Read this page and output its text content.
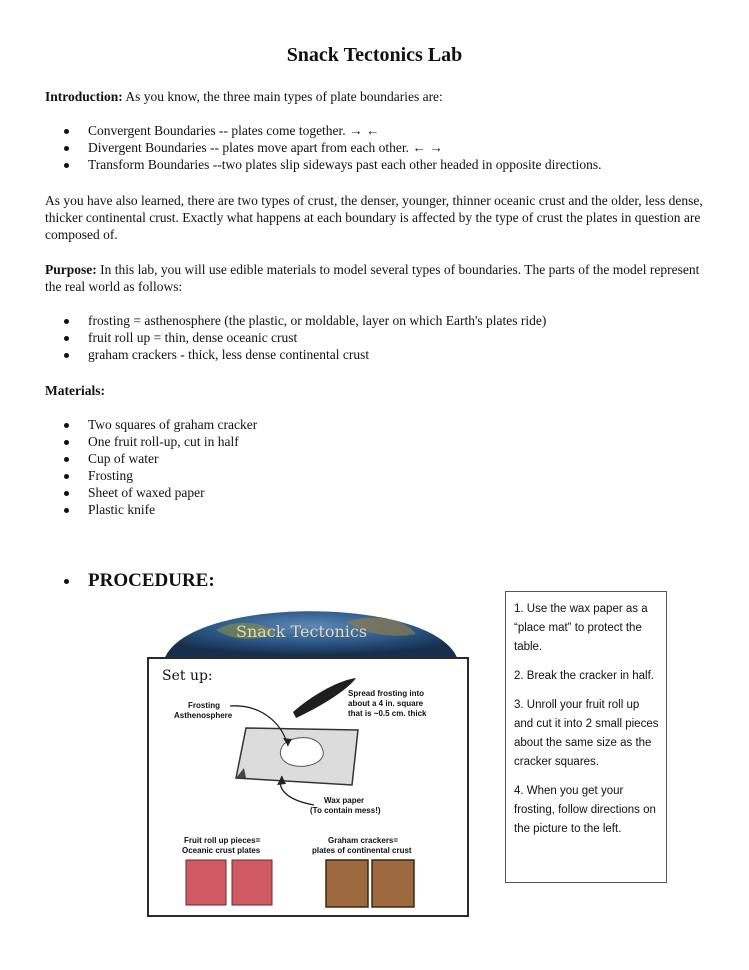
Snack Tectonics Lab

Introduction: As you know, the three main types of plate boundaries are:

Convergent Boundaries -- plates come together. → ←
Divergent Boundaries -- plates move apart from each other. ← →
Transform Boundaries --two plates slip sideways past each other headed in opposite directions.

As you have also learned, there are two types of crust, the denser, younger, thinner oceanic crust and the older, less dense, thicker continental crust. Exactly what happens at each boundary is affected by the type of crust the plates in question are composed of.

Purpose: In this lab, you will use edible materials to model several types of boundaries. The parts of the model represent the real world as follows:

frosting = asthenosphere (the plastic, or moldable, layer on which Earth's plates ride)
fruit roll up = thin, dense oceanic crust
graham crackers - thick, less dense continental crust

Materials:

Two squares of graham cracker
One fruit roll-up, cut in half
Cup of water
Frosting
Sheet of waxed paper
Plastic knife
PROCEDURE:
Snack Tectonics
Set up:
Spread frosting into
about a 4 in. square
that is ~0.5 cm. thick
Frosting
Asthenosphere
Wax paper
(To contain mess!)
Fruit roll up pieces=
Oceanic crust plates
Graham crackers=
plates of continental crust

1. Use the wax paper as a “place mat” to protect the table.

2. Break the cracker in half.

3. Unroll your fruit roll up and cut it into 2 small pieces about the same size as the cracker squares.

4. When you get your frosting, follow directions on the picture to the left.
